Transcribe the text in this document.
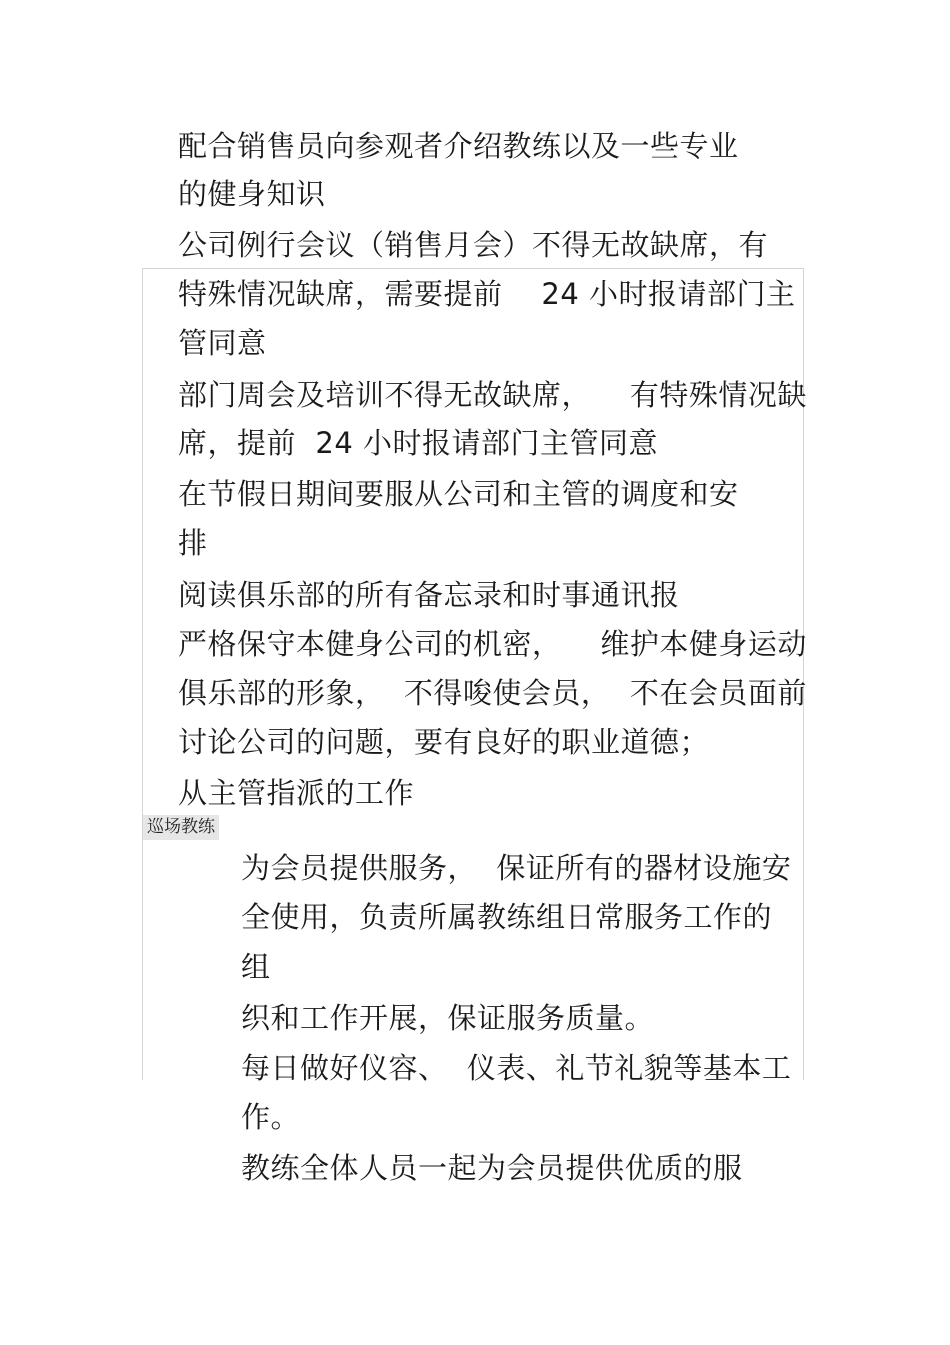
配合销售员向参观者介绍教练以及一些专业
的健身知识
公司例行会议（销售月会）不得无故缺席，有
特殊情况缺席，需要提前    24 小时报请部门主
管同意
部门周会及培训不得无故缺席，    有特殊情况缺
席，提前  24 小时报请部门主管同意
在节假日期间要服从公司和主管的调度和安
排
阅读俱乐部的所有备忘录和时事通讯报
严格保守本健身公司的机密，    维护本健身运动
俱乐部的形象，  不得唆使会员，  不在会员面前
讨论公司的问题，要有良好的职业道德；
从主管指派的工作
巡场教练
为会员提供服务，  保证所有的器材设施安
全使用，负责所属教练组日常服务工作的
组
织和工作开展，保证服务质量。
每日做好仪容、  仪表、礼节礼貌等基本工
作。
教练全体人员一起为会员提供优质的服
